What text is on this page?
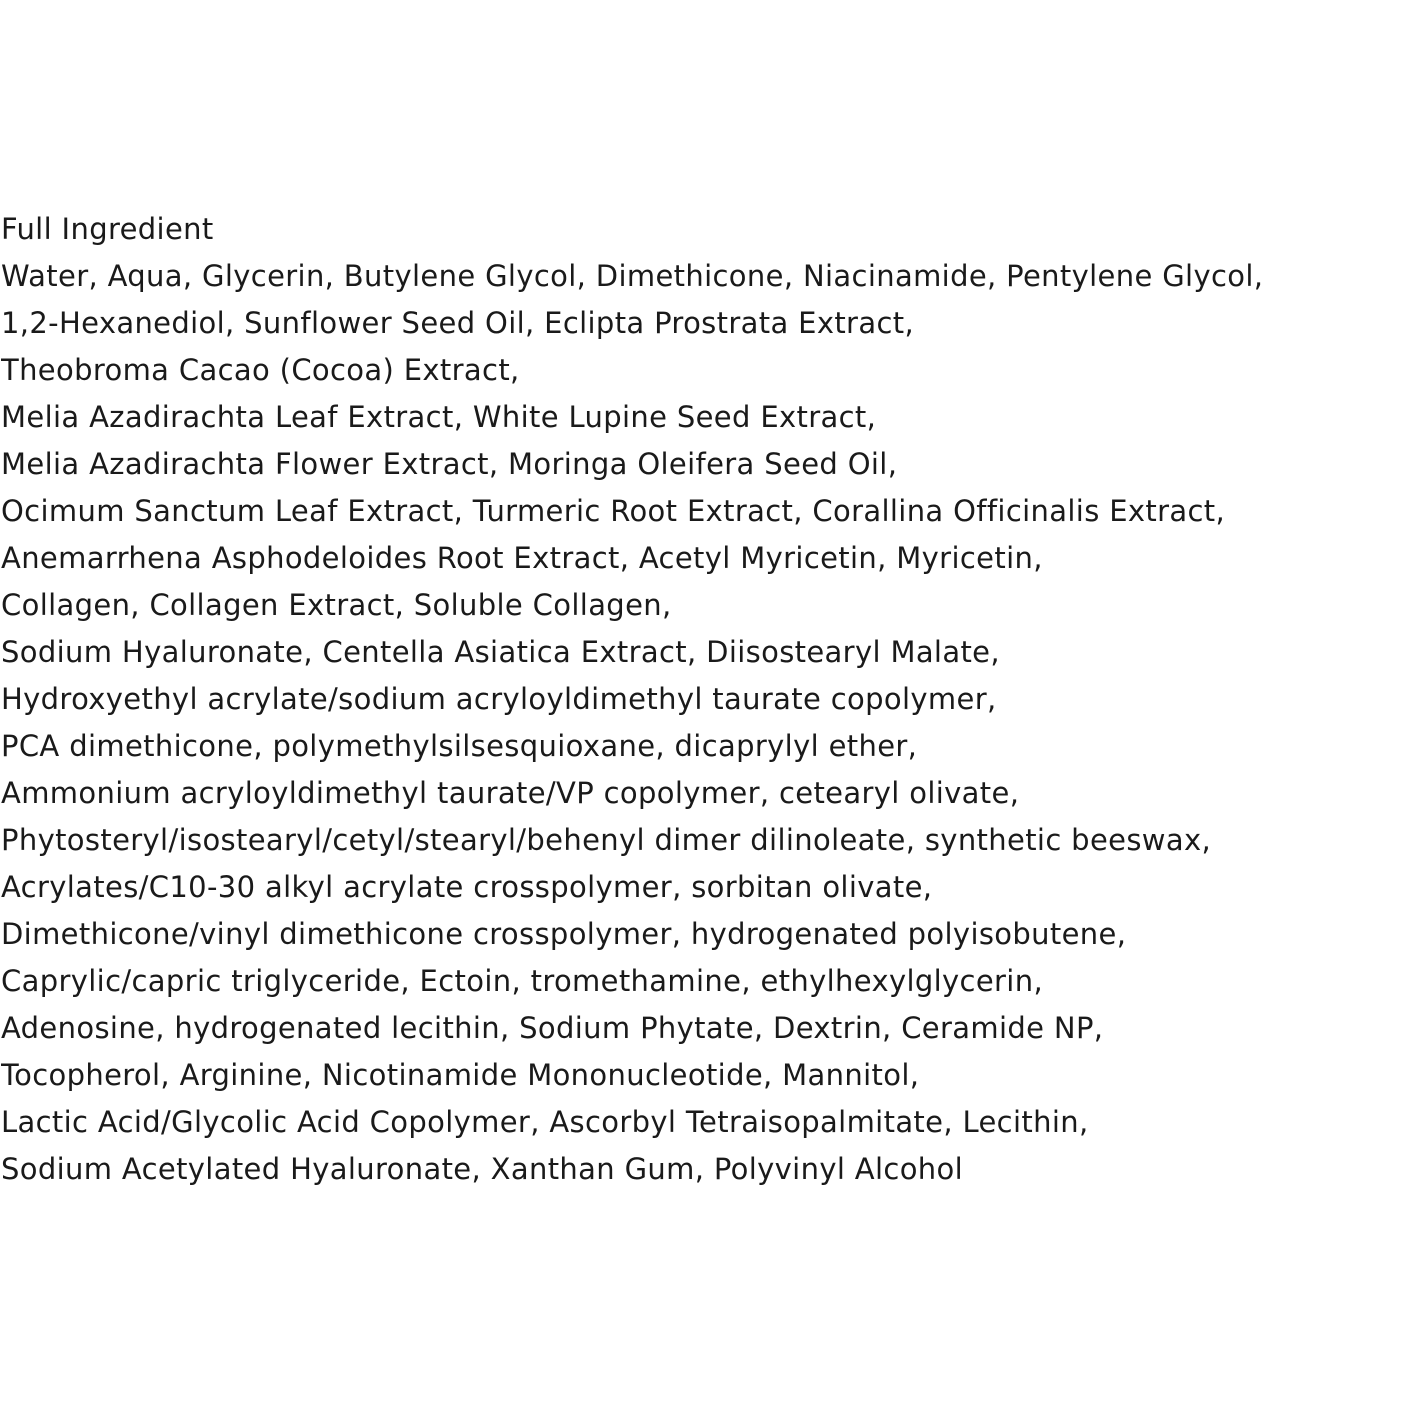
Full Ingredient
Water, Aqua, Glycerin, Butylene Glycol, Dimethicone, Niacinamide, Pentylene Glycol,
1,2-Hexanediol, Sunflower Seed Oil, Eclipta Prostrata Extract,
Theobroma Cacao (Cocoa) Extract,
Melia Azadirachta Leaf Extract, White Lupine Seed Extract,
Melia Azadirachta Flower Extract, Moringa Oleifera Seed Oil,
Ocimum Sanctum Leaf Extract, Turmeric Root Extract, Corallina Officinalis Extract,
Anemarrhena Asphodeloides Root Extract, Acetyl Myricetin, Myricetin,
Collagen, Collagen Extract, Soluble Collagen,
Sodium Hyaluronate, Centella Asiatica Extract, Diisostearyl Malate,
Hydroxyethyl acrylate/sodium acryloyldimethyl taurate copolymer,
PCA dimethicone, polymethylsilsesquioxane, dicaprylyl ether,
Ammonium acryloyldimethyl taurate/VP copolymer, cetearyl olivate,
Phytosteryl/isostearyl/cetyl/stearyl/behenyl dimer dilinoleate, synthetic beeswax,
Acrylates/C10-30 alkyl acrylate crosspolymer, sorbitan olivate,
Dimethicone/vinyl dimethicone crosspolymer, hydrogenated polyisobutene,
Caprylic/capric triglyceride, Ectoin, tromethamine, ethylhexylglycerin,
Adenosine, hydrogenated lecithin, Sodium Phytate, Dextrin, Ceramide NP,
Tocopherol, Arginine, Nicotinamide Mononucleotide, Mannitol,
Lactic Acid/Glycolic Acid Copolymer, Ascorbyl Tetraisopalmitate, Lecithin,
Sodium Acetylated Hyaluronate, Xanthan Gum, Polyvinyl Alcohol
